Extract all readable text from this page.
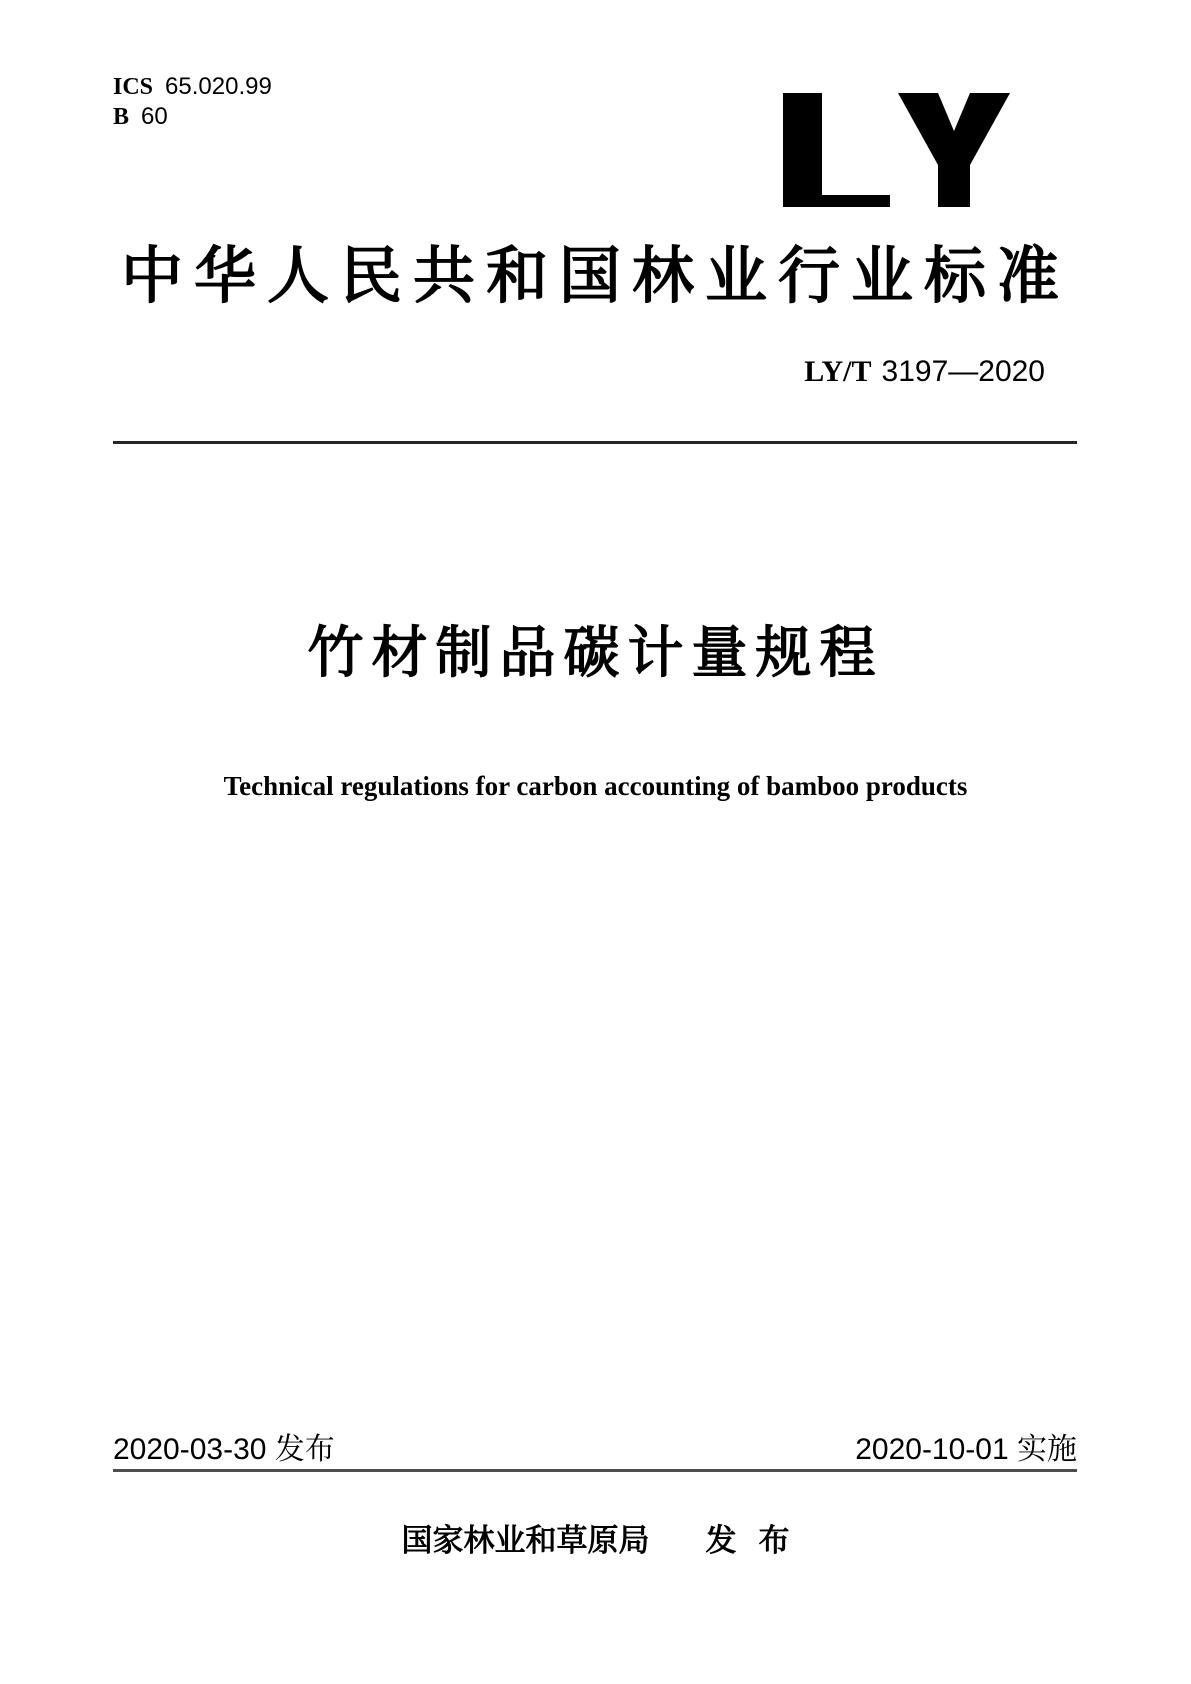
ICS 65.020.99
B 60
中华人民共和国林业行业标准
LY/T 3197—2020
竹材制品碳计量规程
Technical regulations for carbon accounting of bamboo products
2020-03-30 发布	2020-10-01 实施
国家林业和草原局 发布
